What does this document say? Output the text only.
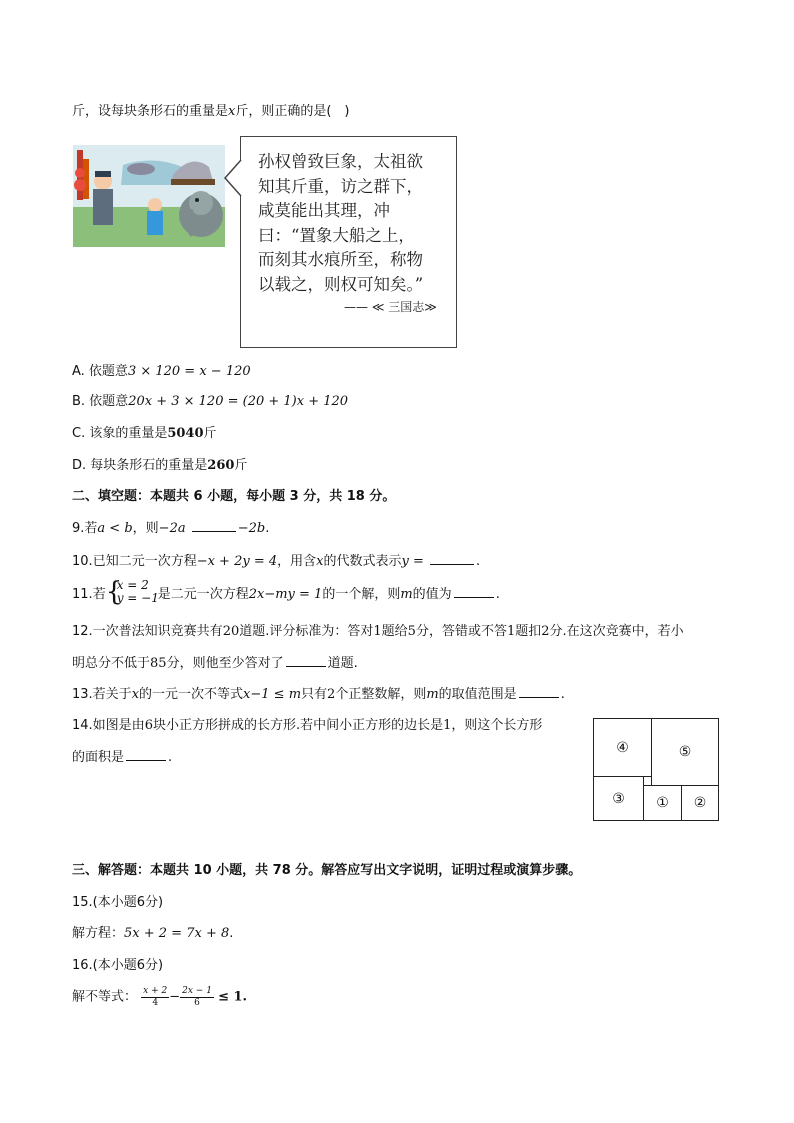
斤，设每块条形石的重量是x斤，则正确的是(　)
孙权曾致巨象，太祖欲
知其斤重，访之群下，
咸莫能出其理，冲
曰：“置象大船之上，
而刻其水痕所至，称物
以载之，则权可知矣。”
—— ≪ 三国志≫
A. 依题意3 × 120 = x − 120
B. 依题意20x + 3 × 120 = (20 + 1)x + 120
C. 该象的重量是5040斤
D. 每块条形石的重量是260斤
二、填空题：本题共 6 小题，每小题 3 分，共 18 分。
9.若a < b，则−2a	−2b.
10.已知二元一次方程−x + 2y = 4，用含x的代数式表示y =	.
11.若 {
x = 2
y = −1
是二元一次方程2x−my = 1的一个解，则m的值为	.
12.一次普法知识竞赛共有20道题.评分标准为：答对1题给5分，答错或不答1题扣2分.在这次竞赛中，若小
明总分不低于85分，则他至少答对了	道题.
13.若关于x的一元一次不等式x−1 ≤ m只有2个正整数解，则m的取值范围是	.
14.如图是由6块小正方形拼成的长方形.若中间小正方形的边长是1，则这个长方形
的面积是	.
④	⑤
③ ① ②
三、解答题：本题共 10 小题，共 78 分。解答应写出文字说明，证明过程或演算步骤。
15.(本小题6分)
解方程：5x + 2 = 7x + 8.
16.(本小题6分)
解不等式： $\frac{x + 2}{4} - \frac{2x - 1}{6} \le 1$.
